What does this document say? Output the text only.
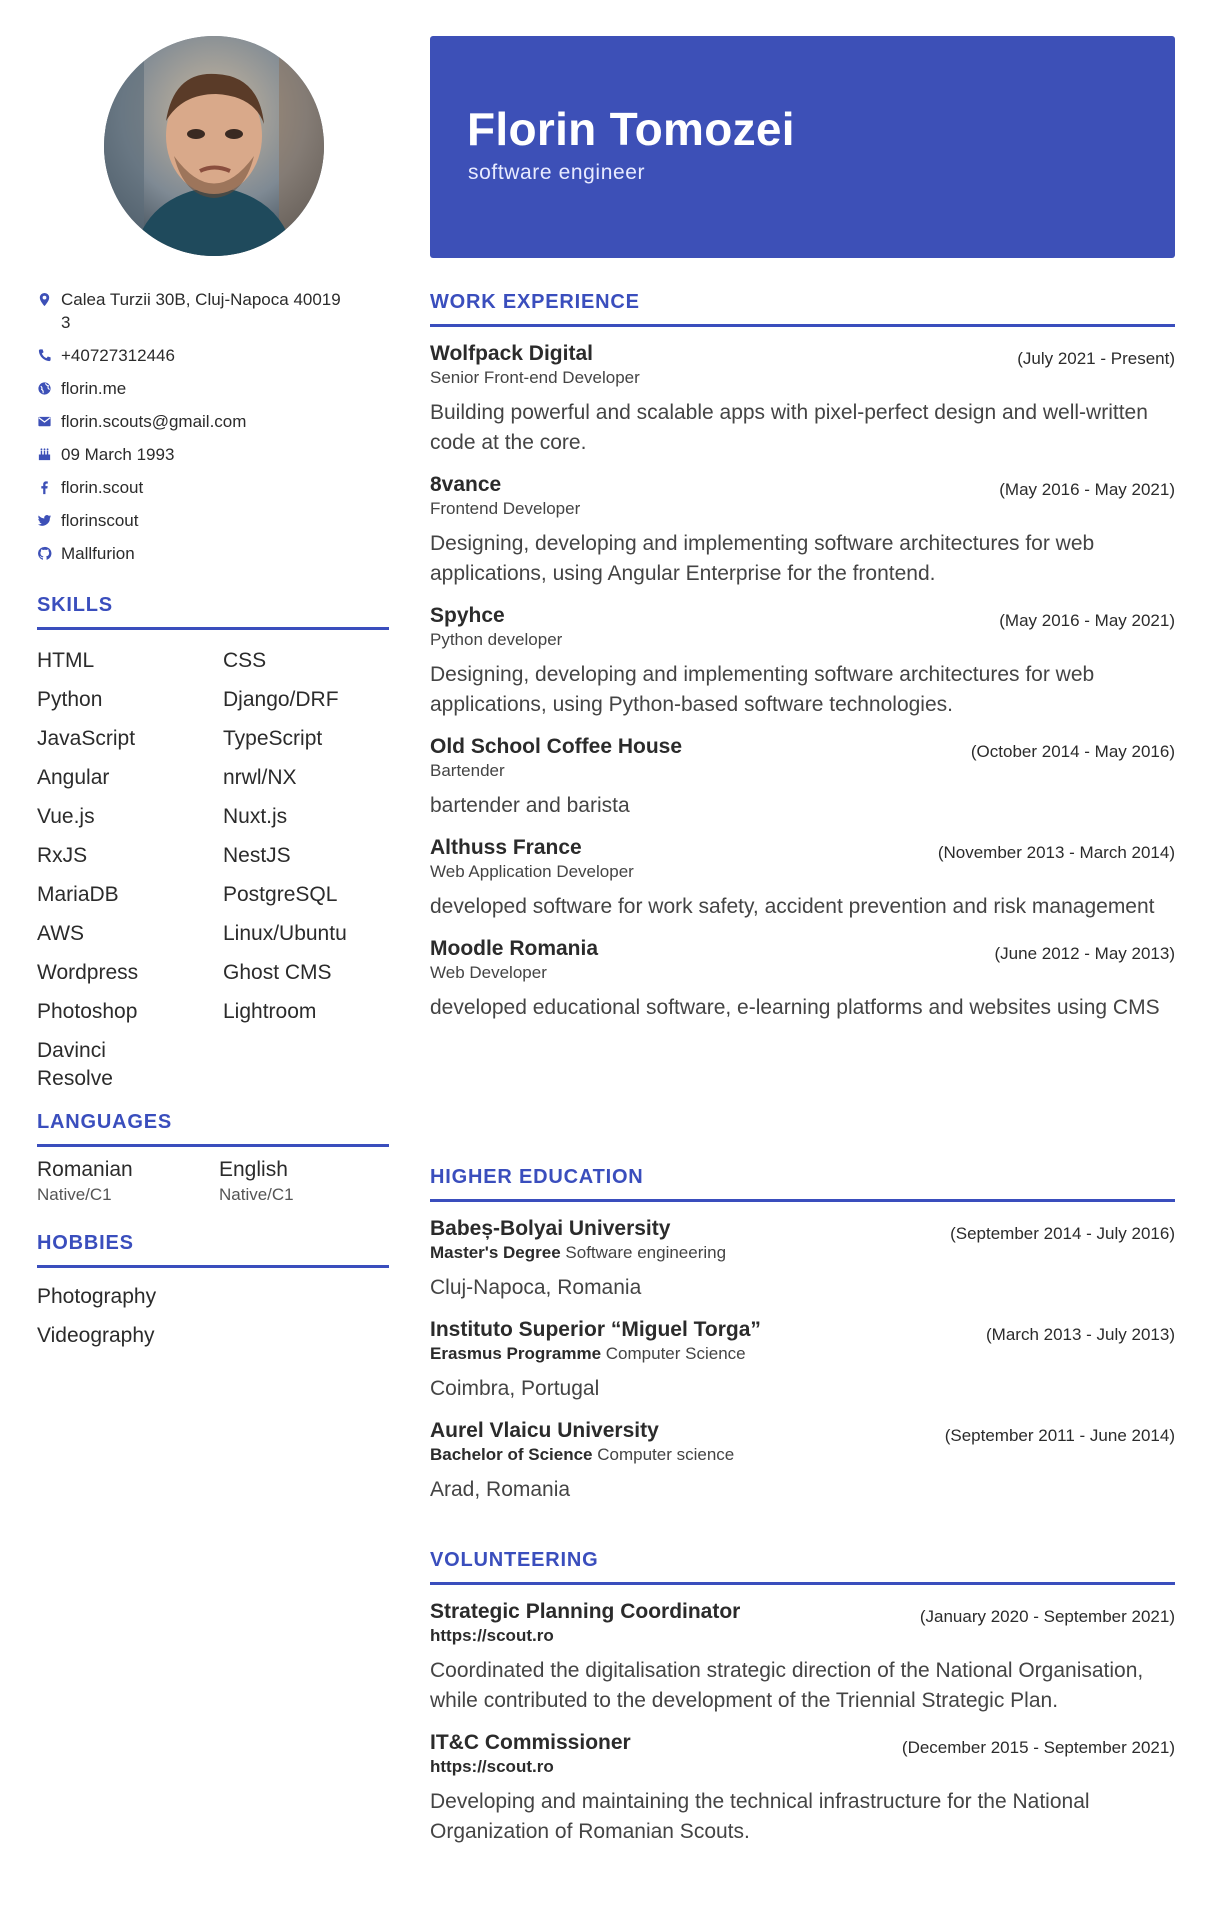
Calea Turzii 30B, Cluj-Napoca 40019
3
+40727312446
florin.me
florin.scouts@gmail.com
09 March 1993
florin.scout
florinscout
Mallfurion
SKILLS
HTML	CSS
Python	Django/DRF
JavaScript	TypeScript
Angular	nrwl/NX
Vue.js	Nuxt.js
RxJS	NestJS
MariaDB	PostgreSQL
AWS	Linux/Ubuntu
Wordpress	Ghost CMS
Photoshop	Lightroom
Davinci Resolve
LANGUAGES
Romanian
Native/C1
English
Native/C1
HOBBIES
Photography
Videography
Florin Tomozei
software engineer
WORK EXPERIENCE
Wolfpack Digital
Senior Front-end Developer
(July 2021 - Present)
Building powerful and scalable apps with pixel-perfect design and well-written code at the core.
8vance
Frontend Developer
(May 2016 - May 2021)
Designing, developing and implementing software architectures for web applications, using Angular Enterprise for the frontend.
Spyhce
Python developer
(May 2016 - May 2021)
Designing, developing and implementing software architectures for web applications, using Python-based software technologies.
Old School Coffee House
Bartender
(October 2014 - May 2016)
bartender and barista
Althuss France
Web Application Developer
(November 2013 - March 2014)
developed software for work safety, accident prevention and risk management
Moodle Romania
Web Developer
(June 2012 - May 2013)
developed educational software, e-learning platforms and websites using CMS
HIGHER EDUCATION
Babeș-Bolyai University
Master's Degree Software engineering
(September 2014 - July 2016)
Cluj-Napoca, Romania
Instituto Superior “Miguel Torga”
Erasmus Programme Computer Science
(March 2013 - July 2013)
Coimbra, Portugal
Aurel Vlaicu University
Bachelor of Science Computer science
(September 2011 - June 2014)
Arad, Romania
VOLUNTEERING
Strategic Planning Coordinator
https://scout.ro
(January 2020 - September 2021)
Coordinated the digitalisation strategic direction of the National Organisation, while contributed to the development of the Triennial Strategic Plan.
IT&C Commissioner
https://scout.ro
(December 2015 - September 2021)
Developing and maintaining the technical infrastructure for the National Organization of Romanian Scouts.
